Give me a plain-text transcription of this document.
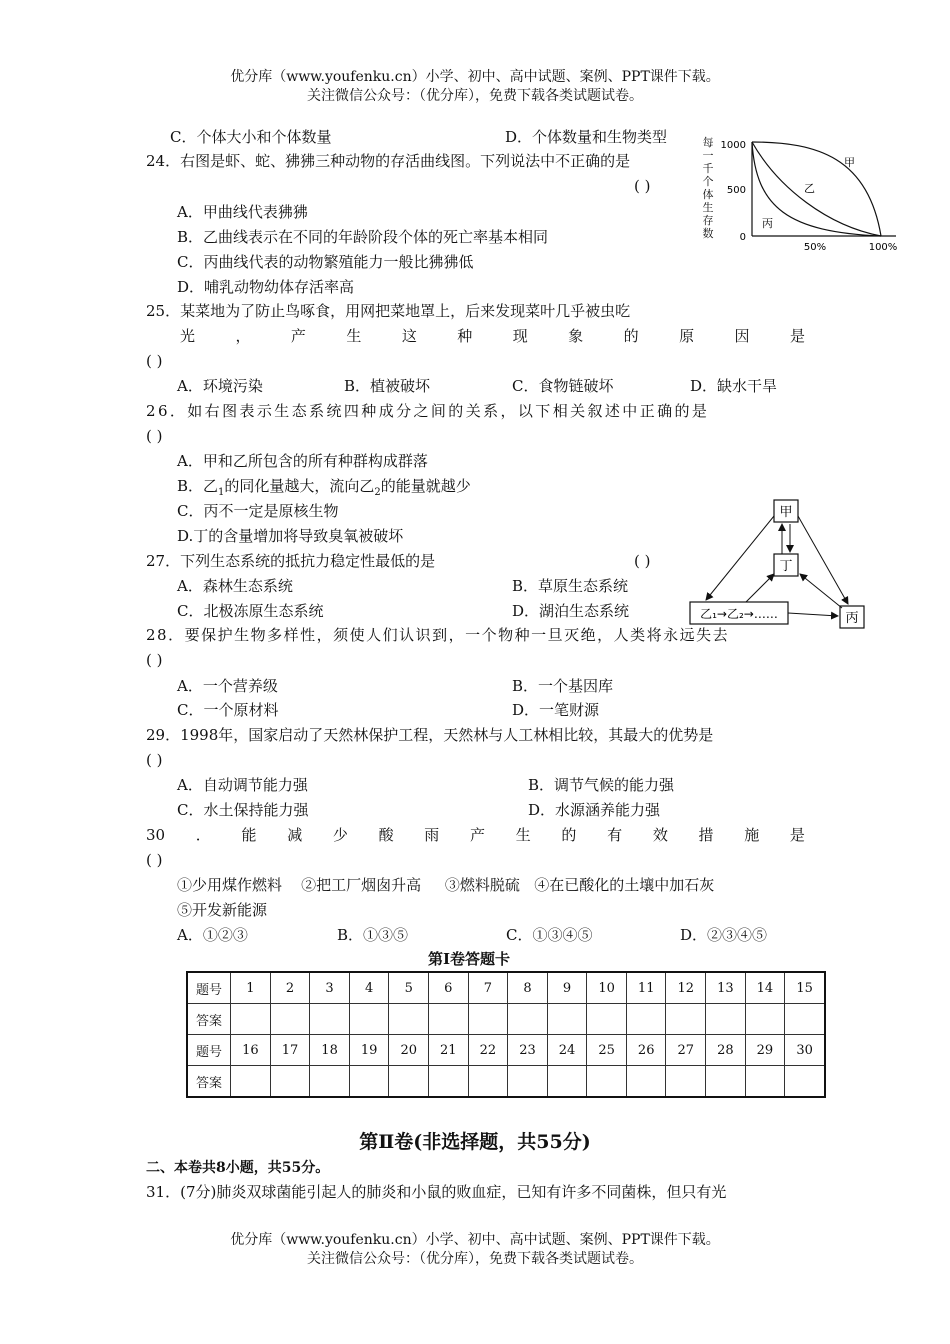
优分库（www.youfenku.cn）小学、初中、高中试题、案例、PPT课件下载。
关注微信公众号：（优分库），免费下载各类试题试卷。
C．个体大小和个体数量	D．个体数量和生物类型
24．右图是虾、蛇、狒狒三种动物的存活曲线图。下列说法中不正确的是
( )
A．甲曲线代表狒狒
B．乙曲线表示在不同的年龄阶段个体的死亡率基本相同
C．丙曲线代表的动物繁殖能力一般比狒狒低
D．哺乳动物幼体存活率高
每
一
千
个
体
生
存
数
1000
500
0
甲
乙
丙
50%	100%
25．某菜地为了防止鸟啄食，用网把菜地罩上，后来发现菜叶几乎被虫吃
光	，	产	生	这	种	现	象	的	原	因	是
( )
A．环境污染	B．植被破坏	C．食物链破坏	D．缺水干旱
26．如右图表示生态系统四种成分之间的关系，以下相关叙述中正确的是
( )
A．甲和乙所包含的所有种群构成群落
B．乙$_1$的同化量越大，流向乙$_2$的能量就越少
C．丙不一定是原核生物
D.丁的含量增加将导致臭氧被破坏
甲
丁
乙₁→乙₂→……	丙
27．下列生态系统的抵抗力稳定性最低的是	( )
A．森林生态系统	B．草原生态系统
C．北极冻原生态系统	D．湖泊生态系统
28．要保护生物多样性，须使人们认识到，一个物种一旦灭绝，人类将永远失去
( )
A．一个营养级	B．一个基因库
C．一个原材料	D．一笔财源
29．1998年，国家启动了天然林保护工程，天然林与人工林相比较，其最大的优势是
( )
A．自动调节能力强	B．调节气候的能力强
C．水土保持能力强	D．水源涵养能力强
30 ． 能 减 少 酸 雨 产 生 的 有 效 措 施 是
( )
①少用煤作燃料    ②把工厂烟囱升高     ③燃料脱硫   ④在已酸化的土壤中加石灰
⑤开发新能源
A．①②③	B．①③⑤	C．①③④⑤	D．②③④⑤
第Ⅰ卷答题卡
题号	1	2	3	4	5	6	7	8	9	10	11	12	13	14	15
答案															
题号	16	17	18	19	20	21	22	23	24	25	26	27	28	29	30
答案															
第Ⅱ卷(非选择题，共55分)
二、本卷共8小题，共55分。
31．(7分)肺炎双球菌能引起人的肺炎和小鼠的败血症，已知有许多不同菌株，但只有光
优分库（www.youfenku.cn）小学、初中、高中试题、案例、PPT课件下载。
关注微信公众号：（优分库），免费下载各类试题试卷。
